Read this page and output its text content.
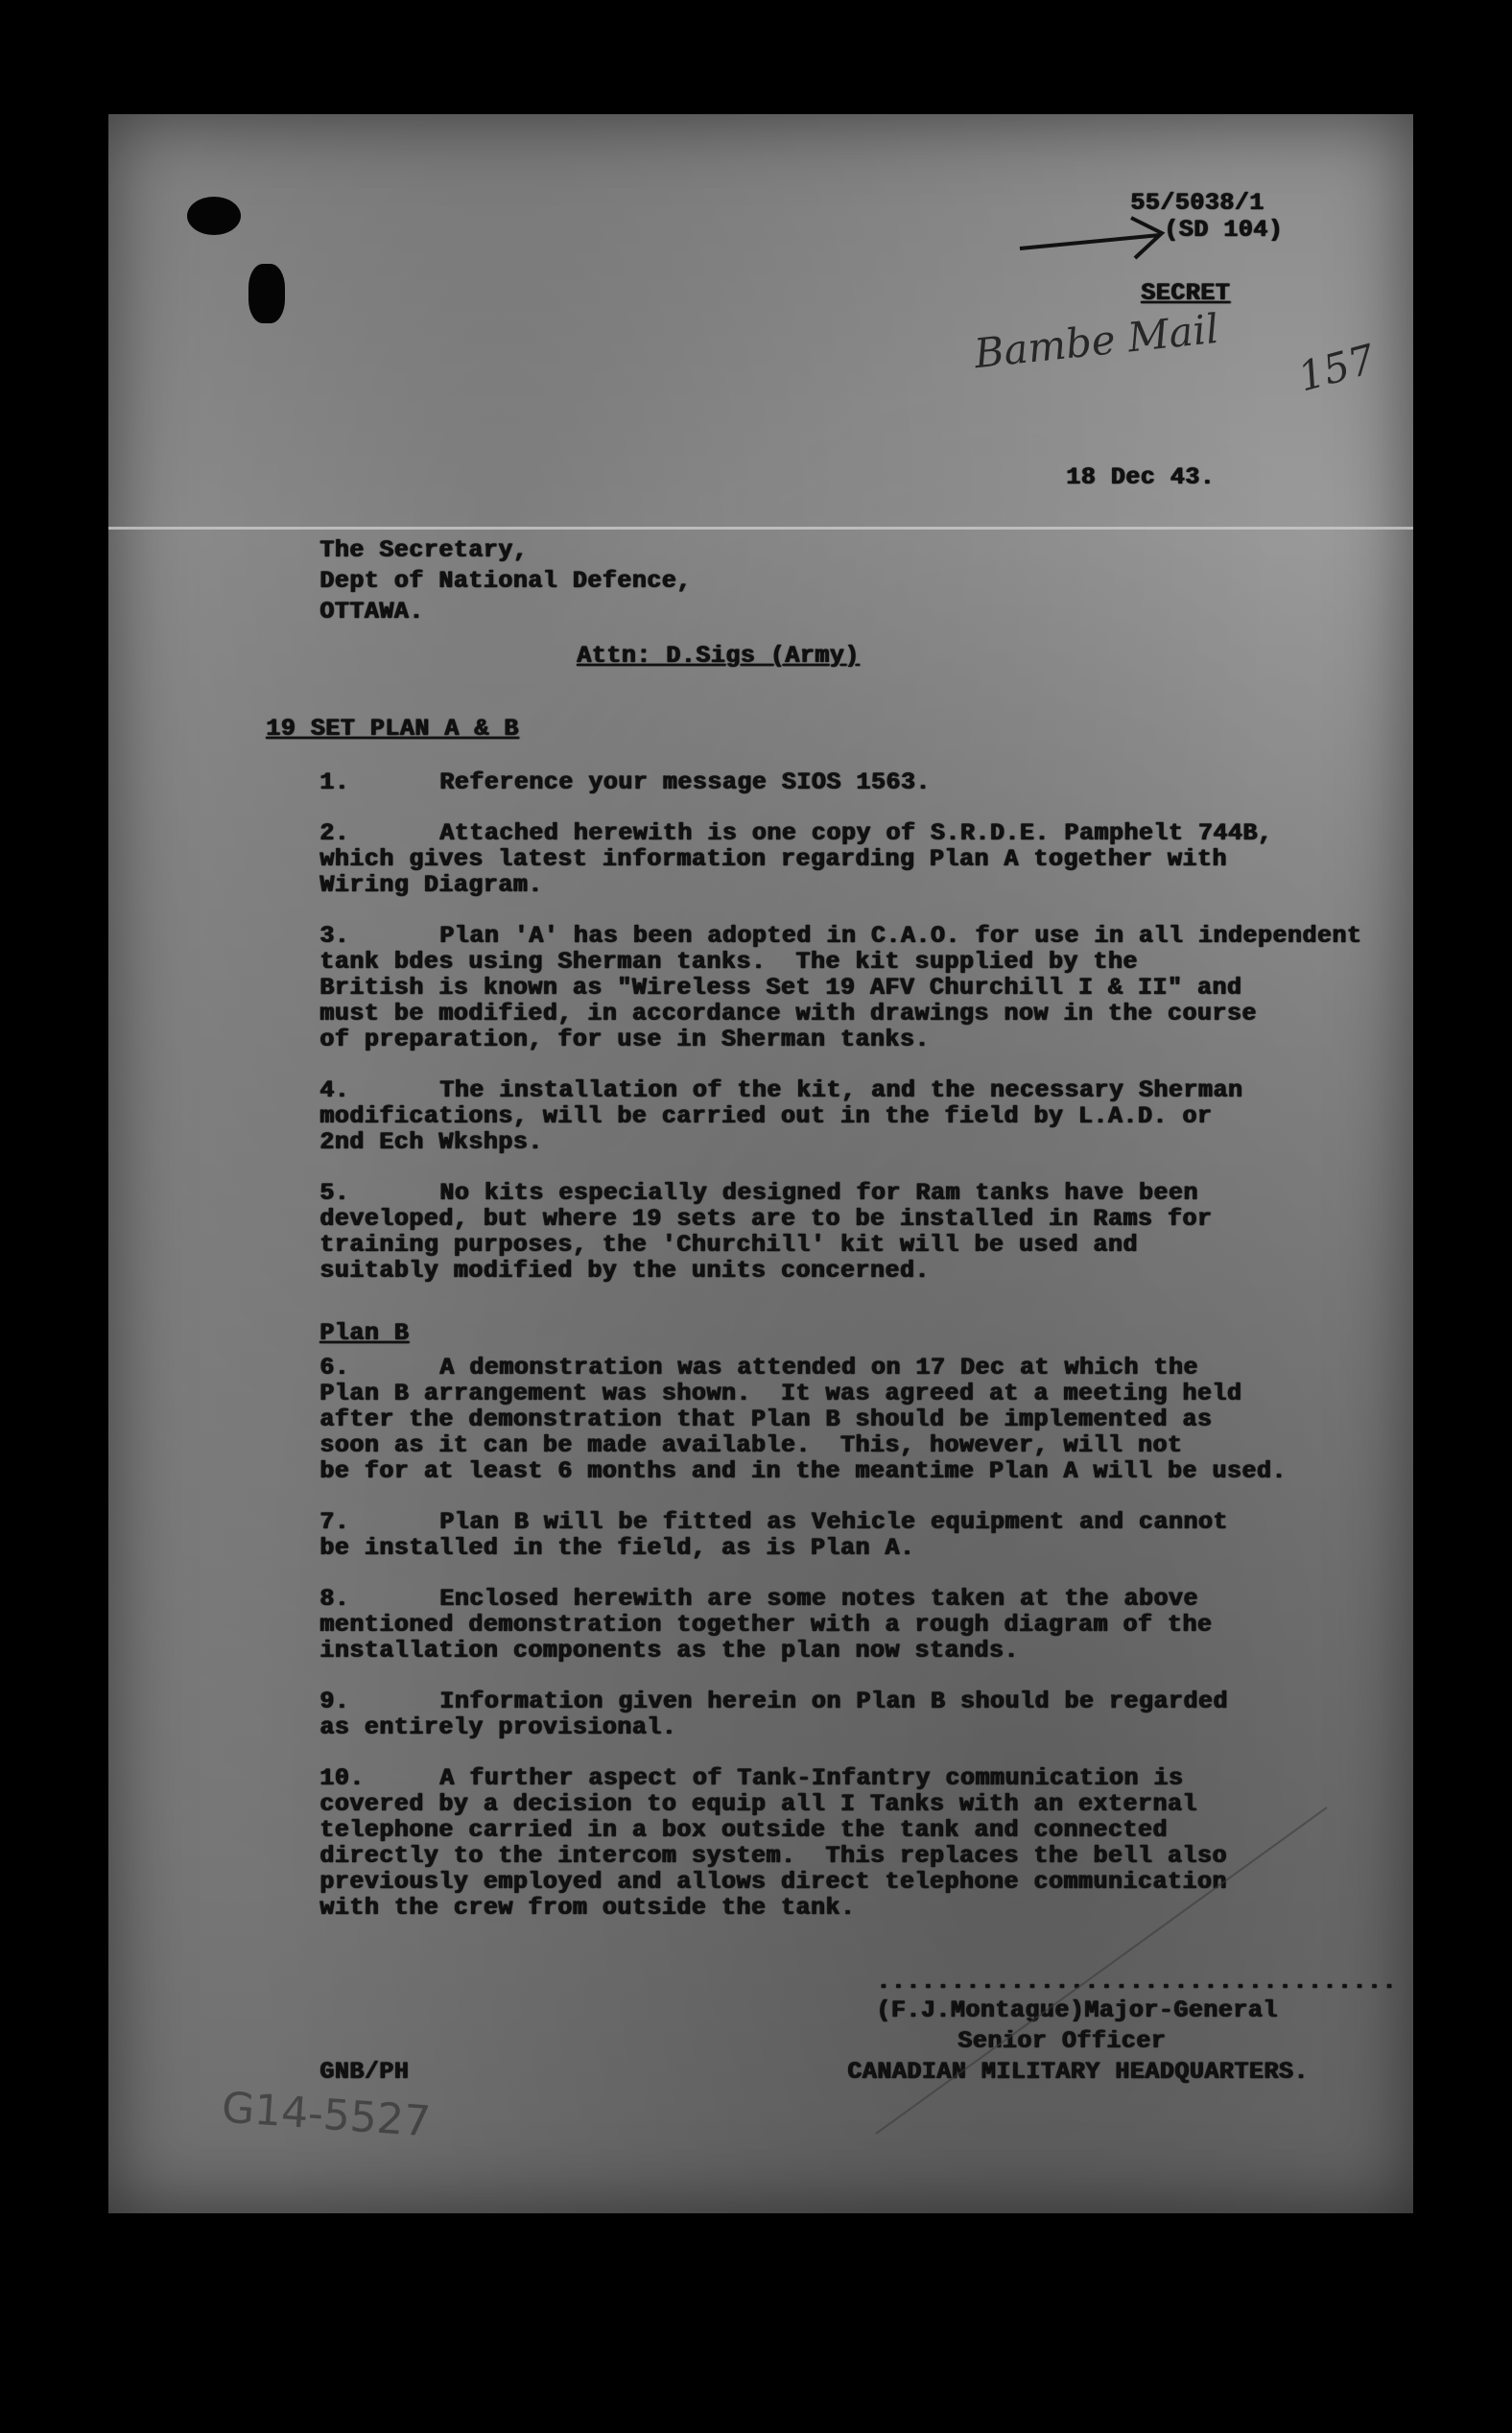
55/5038/1
(SD 104)
SECRET
Bambe Mail 157
18 Dec 43.
The Secretary,
Dept of National Defence,
OTTAWA.
Attn: D.Sigs (Army)
19 SET PLAN A & B
1.	Reference your message SIOS 1563.
2.	Attached herewith is one copy of S.R.D.E. Pamphelt 744B,
which gives latest information regarding Plan A together with
Wiring Diagram.
3.	Plan 'A' has been adopted in C.A.O. for use in all independent
tank bdes using Sherman tanks.  The kit supplied by the
British is known as "Wireless Set 19 AFV Churchill I & II" and
must be modified, in accordance with drawings now in the course
of preparation, for use in Sherman tanks.
4.	The installation of the kit, and the necessary Sherman
modifications, will be carried out in the field by L.A.D. or
2nd Ech Wkshps.
5.	No kits especially designed for Ram tanks have been
developed, but where 19 sets are to be installed in Rams for
training purposes, the 'Churchill' kit will be used and
suitably modified by the units concerned.
Plan B
6.	A demonstration was attended on 17 Dec at which the
Plan B arrangement was shown.  It was agreed at a meeting held
after the demonstration that Plan B should be implemented as
soon as it can be made available.  This, however, will not
be for at least 6 months and in the meantime Plan A will be used.
7.	Plan B will be fitted as Vehicle equipment and cannot
be installed in the field, as is Plan A.
8.	Enclosed herewith are some notes taken at the above
mentioned demonstration together with a rough diagram of the
installation components as the plan now stands.
9.	Information given herein on Plan B should be regarded
as entirely provisional.
10.	A further aspect of Tank-Infantry communication is
covered by a decision to equip all I Tanks with an external
telephone carried in a box outside the tank and connected
directly to the intercom system.  This replaces the bell also
previously employed and allows direct telephone communication
with the crew from outside the tank.
...................................
(F.J.Montague)Major-General
Senior Officer
CANADIAN MILITARY HEADQUARTERS.
GNB/PH
G14-5527
